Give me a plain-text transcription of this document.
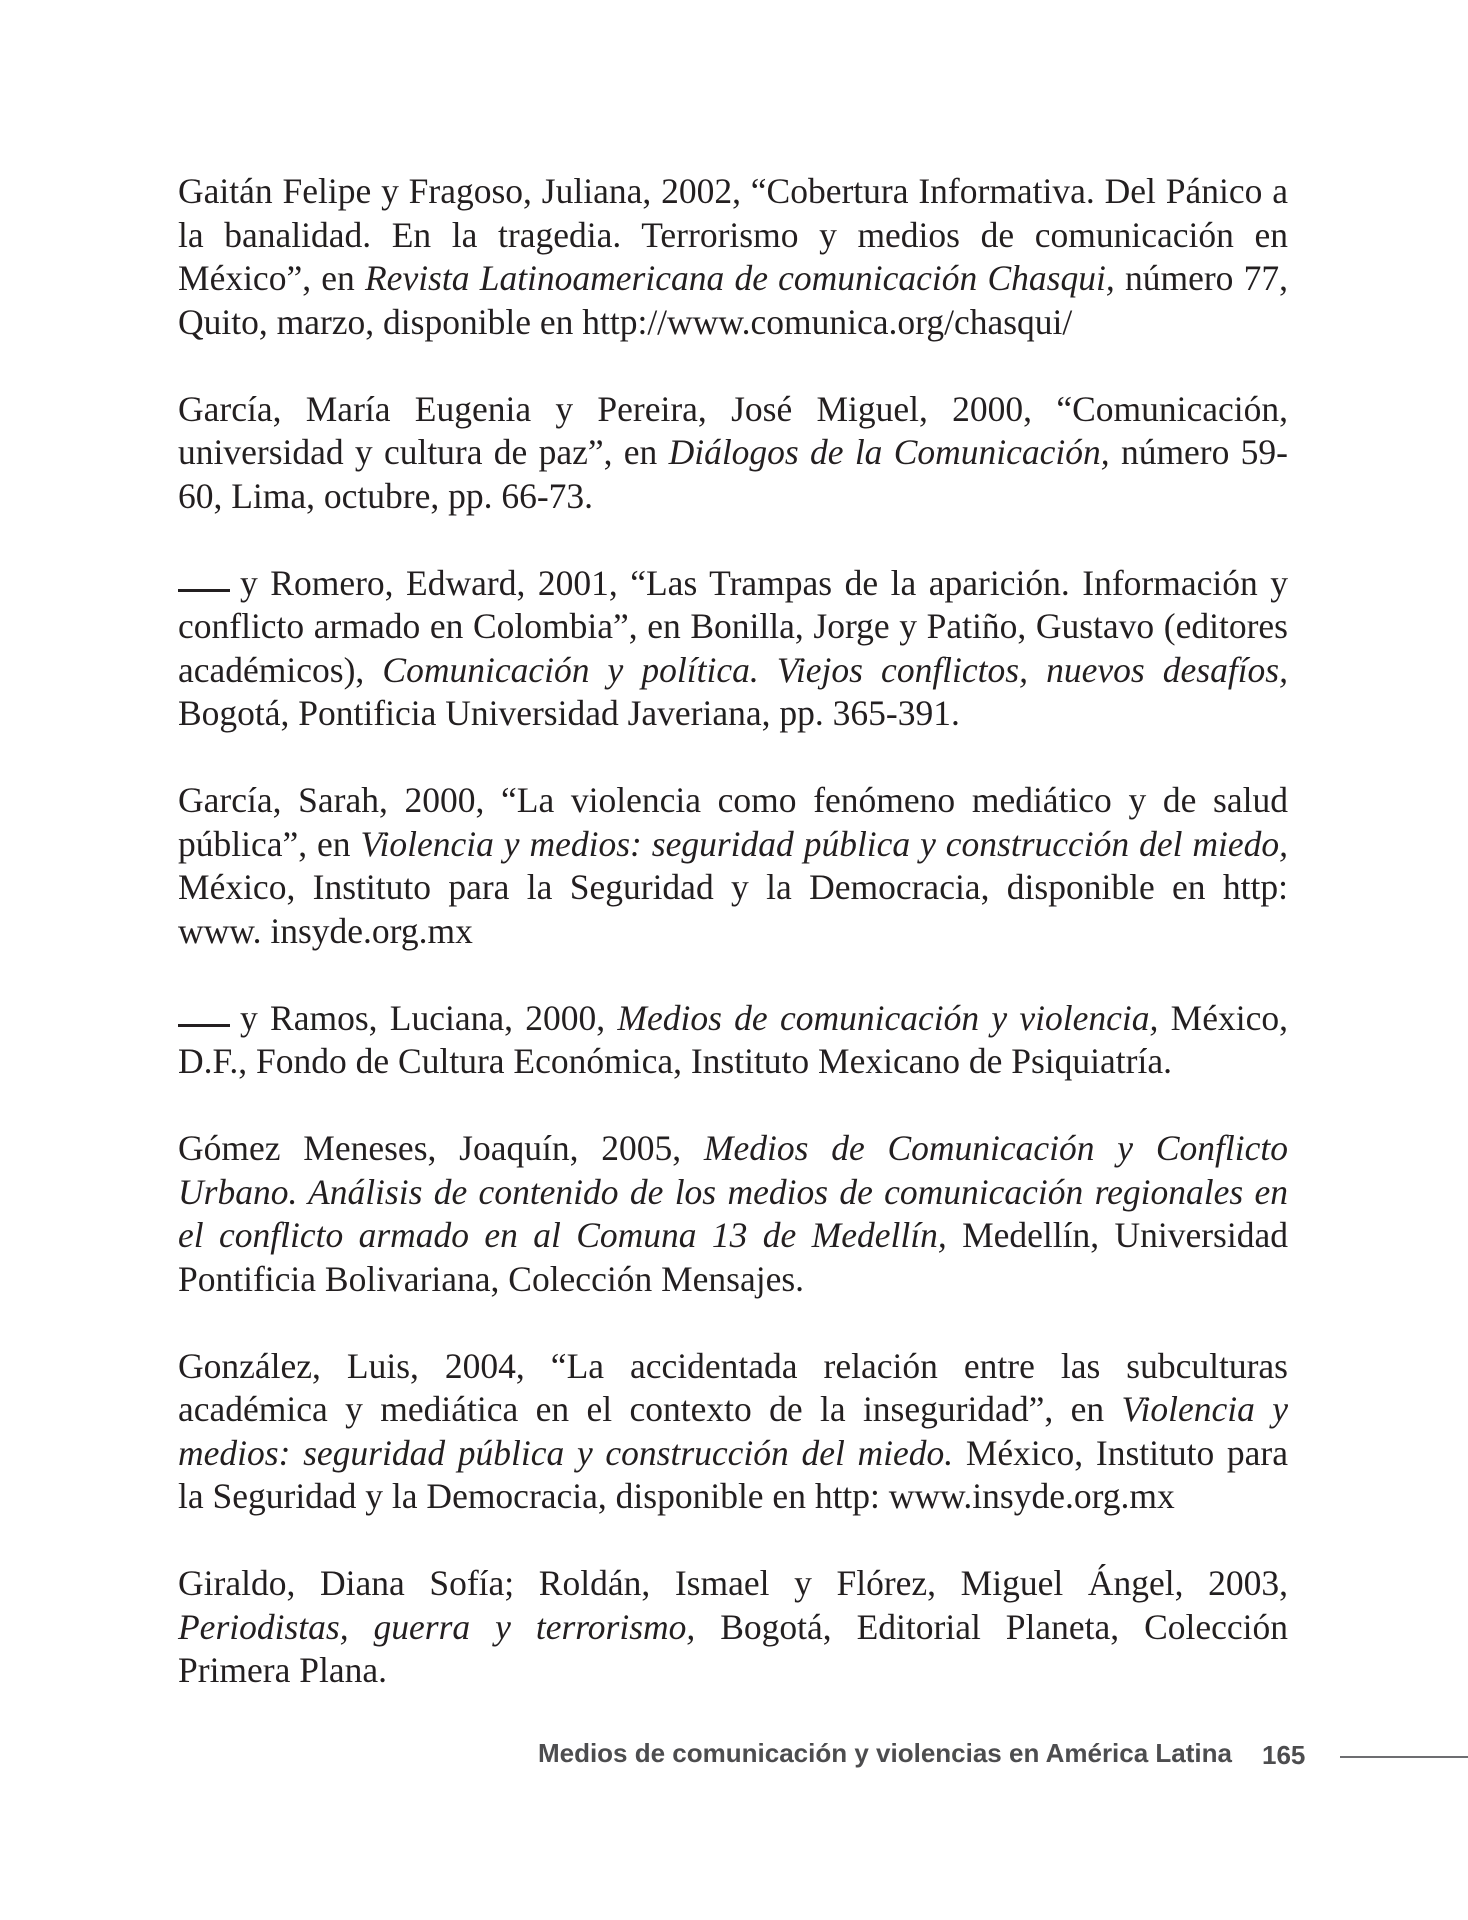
Gaitán Felipe y Fragoso, Juliana, 2002, “Cobertura Informativa. Del Pánico a la banalidad. En la tragedia. Terrorismo y medios de comunicación en México”, en Revista Latinoamericana de comunicación Chasqui, número 77, Quito, marzo, disponible en http://www.comunica.org/chasqui/

García, María Eugenia y Pereira, José Miguel, 2000, “Comunicación, universidad y cultura de paz”, en Diálogos de la Comunicación, número 59-60, Lima, octubre, pp. 66-73.

y Romero, Edward, 2001, “Las Trampas de la aparición. Información y conflicto armado en Colombia”, en Bonilla, Jorge y Patiño, Gustavo (editores académicos), Comunicación y política. Viejos conflictos, nuevos desafíos, Bogotá, Pontificia Universidad Javeriana, pp. 365-391.

García, Sarah, 2000, “La violencia como fenómeno mediático y de salud pública”, en Violencia y medios: seguridad pública y construcción del miedo, México, Instituto para la Seguridad y la Democracia, disponible en http: www. insyde.org.mx

y Ramos, Luciana, 2000, Medios de comunicación y violencia, México, D.F., Fondo de Cultura Económica, Instituto Mexicano de Psiquiatría.

Gómez Meneses, Joaquín, 2005, Medios de Comunicación y Conflicto Urbano. Análisis de contenido de los medios de comunicación regionales en el conflicto armado en al Comuna 13 de Medellín, Medellín, Universidad Pontificia Bolivariana, Colección Mensajes.

González, Luis, 2004, “La accidentada relación entre las subculturas académica y mediática en el contexto de la inseguridad”, en Violencia y medios: seguridad pública y construcción del miedo. México, Instituto para la Seguridad y la Democracia, disponible en http: www.insyde.org.mx

Giraldo, Diana Sofía; Roldán, Ismael y Flórez, Miguel Ángel, 2003, Periodistas, guerra y terrorismo, Bogotá, Editorial Planeta, Colección Primera Plana.

Medios de comunicación y violencias en América Latina 165
